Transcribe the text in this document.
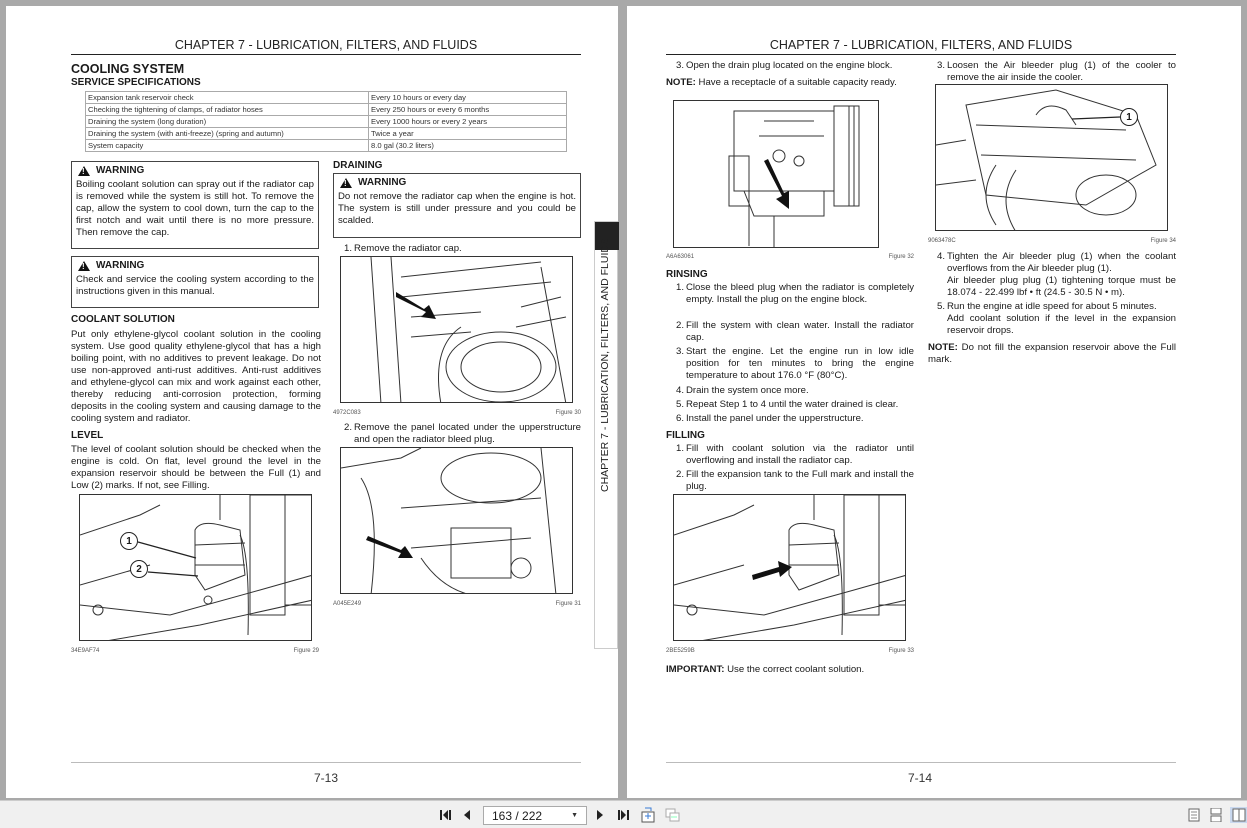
CHAPTER 7 - LUBRICATION, FILTERS, AND FLUIDS
COOLING SYSTEM
SERVICE SPECIFICATIONS
Expansion tank reservoir check	Every 10 hours or every day
Checking the tightening of clamps, of radiator hoses	Every 250 hours or every 6 months
Draining the system (long duration)	Every 1000 hours or every 2 years
Draining the system (with anti-freeze) (spring and autumn)	Twice a year
System capacity	8.0 gal (30.2 liters)
!
WARNING
Boiling coolant solution can spray out if the radiator cap is removed while the system is still hot. To remove the cap, allow the system to cool down, turn the cap to the first notch and wait until there is no more pressure. Then remove the cap.
!
WARNING
Check and service the cooling system according to the instructions given in this manual.
COOLANT SOLUTION
Put only ethylene-glycol coolant solution in the cooling system. Use good quality ethylene-glycol that has a high boiling point, with no additives to prevent leakage. Do not use non-approved anti-rust additives. Anti-rust additives and ethylene-glycol can mix and work against each other, thereby reducing anti-corrosion protection, forming deposits in the cooling system and causing damage to the cooling system and radiator.
LEVEL
The level of coolant solution should be checked when the engine is cold. On flat, level ground the level in the expansion reservoir should be between the Full (1) and Low (2) marks. If not, see Filling.
1
2
34E9AF74	Figure 29
DRAINING
!
WARNING
Do not remove the radiator cap when the engine is hot. The system is still under pressure and you could be scalded.
1. Remove the radiator cap.
4972C083	Figure 30
2. Remove the panel located under the upperstructure and open the radiator bleed plug.
A045E249	Figure 31
7-13
CHAPTER 7 - LUBRICATION, FILTERS, AND FLUIDS
CHAPTER 7 - LUBRICATION, FILTERS, AND FLUIDS
3. Open the drain plug located on the engine block.
NOTE: Have a receptacle of a suitable capacity ready.
A6A63061	Figure 32
RINSING
1. Close the bleed plug when the radiator is completely empty. Install the plug on the engine block.
2. Fill the system with clean water. Install the radiator cap.
3. Start the engine. Let the engine run in low idle position for ten minutes to bring the engine temperature to about 176.0 °F (80°C).
4. Drain the system once more.
5. Repeat Step 1 to 4 until the water drained is clear.
6. Install the panel under the upperstructure.
FILLING
1. Fill with coolant solution via the radiator until overflowing and install the radiator cap.
2. Fill the expansion tank to the Full mark and install the plug.
2BE5259B	Figure 33
IMPORTANT: Use the correct coolant solution.
3. Loosen the Air bleeder plug (1) of the cooler to remove the air inside the cooler.
1
9063478C	Figure 34
4. Tighten the Air bleeder plug (1) when the coolant overflows from the Air bleeder plug (1).
Air bleeder plug plug (1) tightening torque must be 18.074 - 22.499 lbf • ft (24.5 - 30.5 N • m).
5. Run the engine at idle speed for about 5 minutes.
Add coolant solution if the level in the expansion reservoir drops.
NOTE: Do not fill the expansion reservoir above the Full mark.
7-14
163 / 222	▼
